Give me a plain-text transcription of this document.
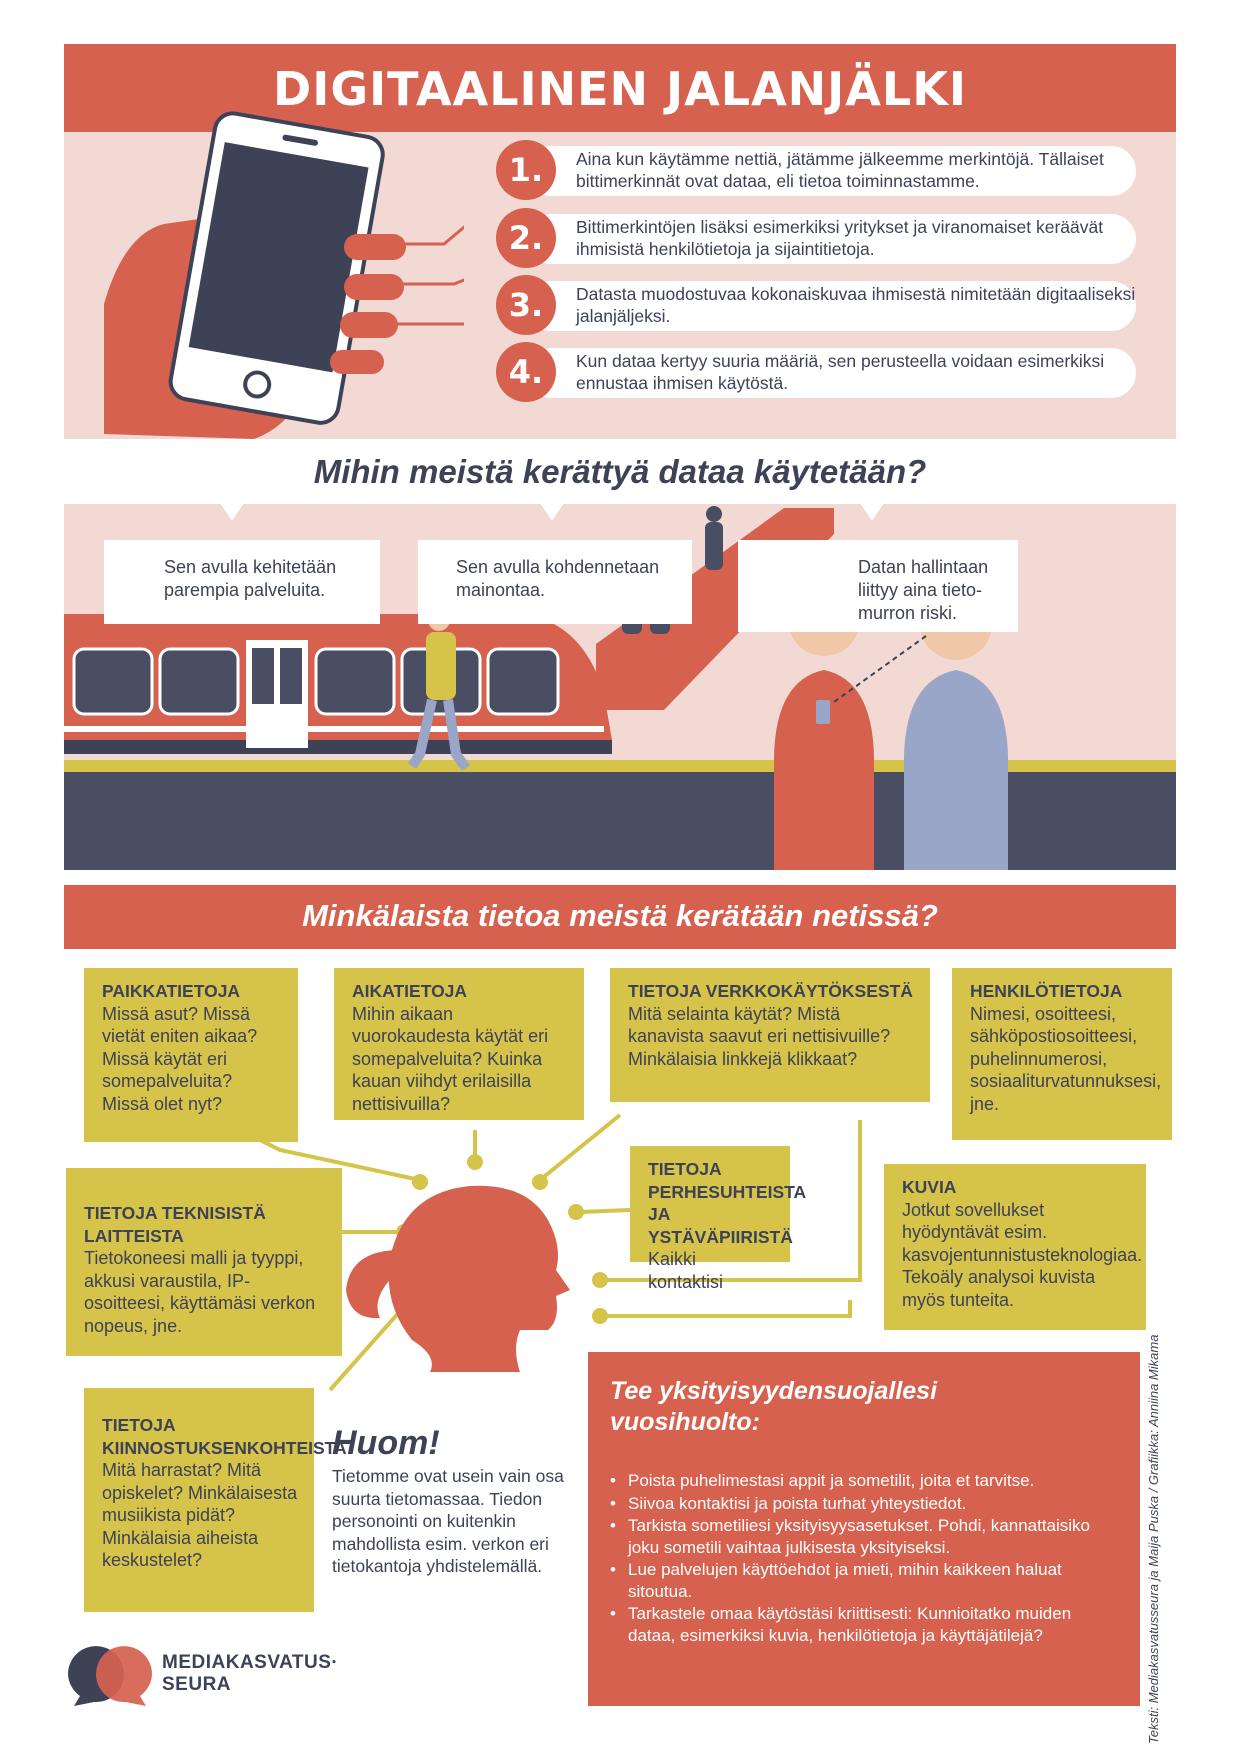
DIGITAALINEN JALANJÄLKI
1.	Aina kun käytämme nettiä, jätämme jälkeemme merkintöjä. Tällaiset bittimerkinnät ovat dataa, eli tietoa toiminnastamme.
2.	Bittimerkintöjen lisäksi esimerkiksi yritykset ja viranomaiset keräävät ihmisistä henkilötietoja ja sijaintitietoja.
3.	Datasta muodostuvaa kokonaiskuvaa ihmisestä nimitetään digitaaliseksi jalanjäljeksi.
4.	Kun dataa kertyy suuria määriä, sen perusteella voidaan esimerkiksi ennustaa ihmisen käytöstä.
Mihin meistä kerättyä dataa käytetään?
Sen avulla kehitetään parempia palveluita.
Sen avulla kohdennetaan mainontaa.
Datan hallintaan liittyy aina tieto-murron riski.
Minkälaista tietoa meistä kerätään netissä?
PAIKKATIETOJA
Missä asut? Missä vietät eniten aikaa? Missä käytät eri somepalveluita? Missä olet nyt?
AIKATIETOJA
Mihin aikaan vuorokaudesta käytät eri somepalveluita? Kuinka kauan viihdyt erilaisilla nettisivuilla?
TIETOJA VERKKOKÄYTÖKSESTÄ
Mitä selainta käytät? Mistä kanavista saavut eri nettisivuille? Minkälaisia linkkejä klikkaat?
HENKILÖTIETOJA
Nimesi, osoitteesi, sähköpostiosoitteesi, puhelinnumerosi, sosiaaliturvatunnuksesi, jne.
TIETOJA TEKNISISTÄ LAITTEISTA
Tietokoneesi malli ja tyyppi, akkusi varaustila, IP-osoitteesi, käyttämäsi verkon nopeus, jne.
TIETOJA PERHESUHTEISTA JA YSTÄVÄPIIRISTÄ
Kaikki kontaktisi
KUVIA
Jotkut sovellukset hyödyntävät esim. kasvojentunnistusteknologiaa. Tekoäly analysoi kuvista myös tunteita.
TIETOJA KIINNOSTUKSENKOHTEISTA
Mitä harrastat? Mitä opiskelet? Minkälaisesta musiikista pidät? Minkälaisia aiheista keskustelet?
Huom!
Tietomme ovat usein vain osa suurta tietomassaa. Tiedon personointi on kuitenkin mahdollista esim. verkon eri tietokantoja yhdistelemällä.
Tee yksityisyydensuojallesi vuosihuolto:
• Poista puhelimestasi appit ja sometilit, joita et tarvitse.
• Siivoa kontaktisi ja poista turhat yhteystiedot.
• Tarkista sometiliesi yksityisyysasetukset. Pohdi, kannattaisiko joku sometili vaihtaa julkisesta yksityiseksi.
• Lue palvelujen käyttöehdot ja mieti, mihin kaikkeen haluat sitoutua.
• Tarkastele omaa käytöstäsi kriittisesti: Kunnioitatko muiden dataa, esimerkiksi kuvia, henkilötietoja ja käyttäjätilejä?	Teksti: Mediakasvatusseura ja Maija Puska / Grafiikka: Anniina Mikama
MEDIAKASVATUS·
SEURA
